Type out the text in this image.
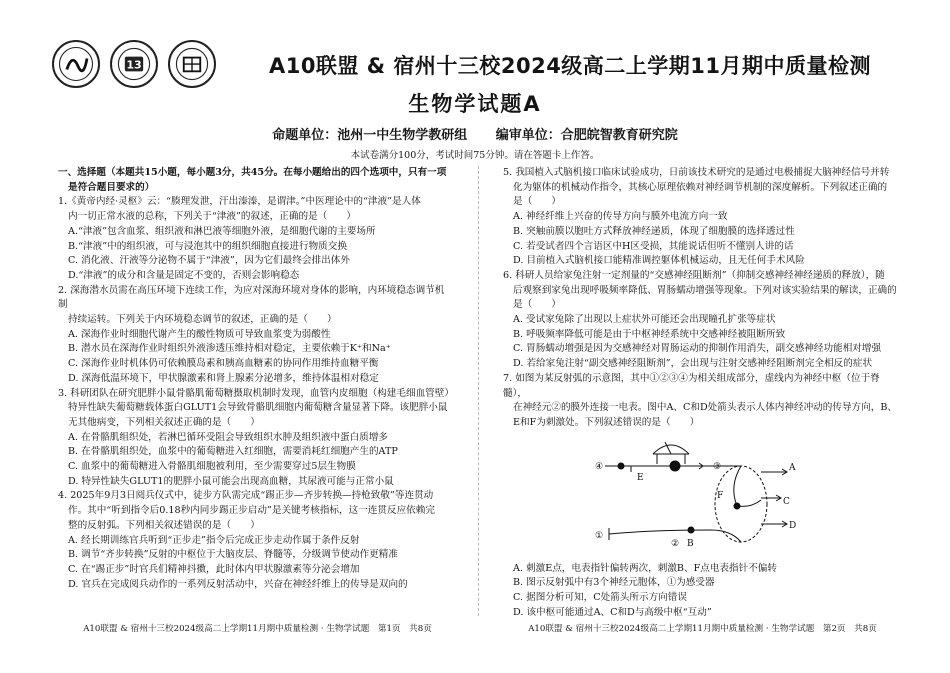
13	A10联盟 & 宿州十三校2024级高二上学期11月期中质量检测
生物学试题A
命题单位：池州一中生物学教研组 编审单位：合肥皖智教育研究院
本试卷满分100分，考试时间75分钟。请在答题卡上作答。

一、选择题（本题共15小题，每小题3分，共45分。在每小题给出的四个选项中，只有一项

是符合题目要求的）

1.《黄帝内经·灵枢》云：“腠理发泄，汗出溱溱，是谓津。”中医理论中的“津液”是人体

内一切正常水液的总称，下列关于“津液”的叙述，正确的是（　　）

A.“津液”包含血浆、组织液和淋巴液等细胞外液，是细胞代谢的主要场所

B.“津液”中的组织液，可与浸泡其中的组织细胞直接进行物质交换

C. 消化液、汗液等分泌物不属于“津液”，因为它们最终会排出体外

D.“津液”的成分和含量是固定不变的，否则会影响稳态

2. 深海潜水员需在高压环境下连续工作，为应对深海环境对身体的影响，内环境稳态调节机制

持续运转。下列关于内环境稳态调节的叙述，正确的是（　　）

A. 深海作业时细胞代谢产生的酸性物质可导致血浆变为弱酸性

B. 潜水员在深海作业时组织外液渗透压维持相对稳定，主要依赖于K⁺和Na⁺

C. 深海作业时机体仍可依赖膜岛素和胰高血糖素的协同作用维持血糖平衡

D. 深海低温环境下，甲状腺激素和肾上腺素分泌增多，维持体温相对稳定

3. 科研团队在研究肥胖小鼠骨骼肌葡萄糖摄取机制时发现，血管内皮细胞（构建毛细血管壁）

特异性缺失葡萄糖载体蛋白GLUT1会导致骨骼肌细胞内葡萄糖含量显著下降。该肥胖小鼠

无其他病变，下列相关叙述正确的是（　　）

A. 在骨骼肌组织处，若淋巴循环受阻会导致组织水肿及组织液中蛋白质增多

B. 在骨骼肌组织处，血浆中的葡萄糖进入红细胞，需要消耗红细胞产生的ATP

C. 血浆中的葡萄糖进入骨骼肌细胞被利用，至少需要穿过5层生物膜

D. 特异性缺失GLUT1的肥胖小鼠可能会出现高血糖，其尿液可能与正常小鼠

4. 2025年9月3日阅兵仪式中，徒步方队需完成“踢正步—齐步转换—持枪致敬”等连贯动

作。其中“听到指令后0.18秒内同步踢正步启动”是关键考核指标，这一连贯反应依赖完

整的反射弧。下列相关叙述错误的是（　　）

A. 经长期训练官兵听到“正步走”指令后完成正步走动作属于条件反射

B. 调节“齐步转换”反射的中枢位于大脑皮层、脊髓等，分级调节使动作更精准

C. 在“踢正步”时官兵们精神抖擞，此时体内甲状腺激素等分泌会增加

D. 官兵在完成阅兵动作的一系列反射活动中，兴奋在神经纤维上的传导是双向的

5. 我国植入式脑机接口临床试验成功，日前该技术研究的是通过电极捕捉大脑神经信号并转

化为躯体的机械动作指令，其核心原理依赖对神经调节机制的深度解析。下列叙述正确的

是（　　）

A. 神经纤维上兴奋的传导方向与膜外电流方向一致

B. 突触前膜以胞吐方式释放神经递质，体现了细胞膜的选择透过性

C. 若受试者四个言语区中H区受损，其能说话但听不懂别人讲的话

D. 目前植入式脑机接口能精准调控躯体机械运动，且无任何手术风险

6. 科研人员给家兔注射一定剂量的“交感神经阻断剂”（抑制交感神经神经递质的释放），随

后观察到家兔出现呼吸频率降低、胃肠蠕动增强等现象。下列对该实验结果的解读，正确的

是（　　）

A. 受试家兔除了出现以上症状外可能还会出现瞳孔扩张等症状

B. 呼吸频率降低可能是由于中枢神经系统中交感神经被阻断所致

C. 胃肠蠕动增强是因为交感神经对胃肠运动的抑制作用消失，副交感神经功能相对增强

D. 若给家兔注射“副交感神经阻断剂”，会出现与注射交感神经阻断剂完全相反的症状

7. 如图为某反射弧的示意图，其中①②③④为相关组成部分，虚线内为神经中枢（位于脊髓），

在神经元②的膜外连接一电表。图中A、C和D处箭头表示人体内神经冲动的传导方向，B、

E和F为刺激处。下列叙述错误的是（　　）

④
E
③	A
F
C
D
①
② B

A. 刺激E点，电表指针偏转两次，刺激B、F点电表指针不偏转

B. 图示反射弧中有3个神经元胞体，①为感受器

C. 据图分析可知，C处箭头所示方向错误

D. 该中枢可能通过A、C和D与高级中枢“互动”

A10联盟 & 宿州十三校2024级高二上学期11月期中质量检测 · 生物学试题　第1页　共8页	A10联盟 & 宿州十三校2024级高二上学期11月期中质量检测 · 生物学试题　第2页　共8页
